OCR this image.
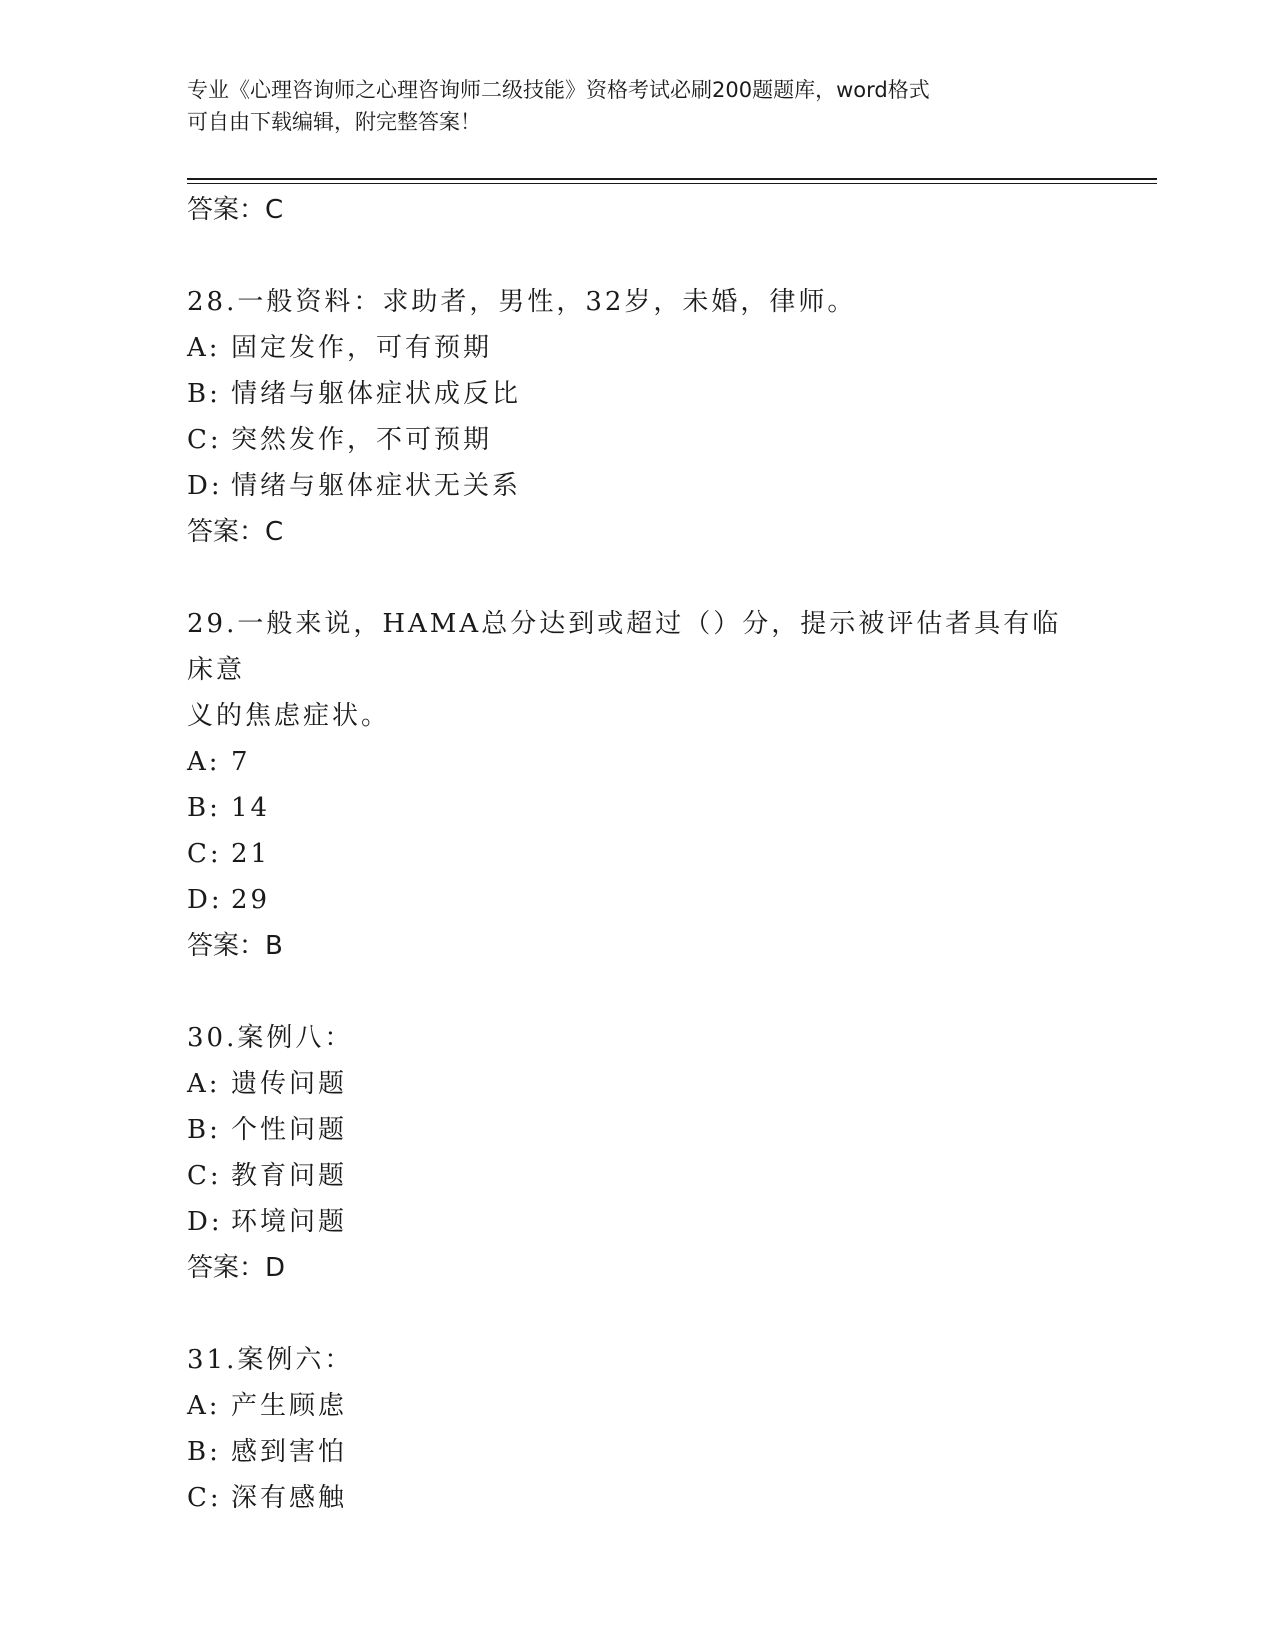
专业《心理咨询师之心理咨询师二级技能》资格考试必刷200题题库，word格式
可自由下载编辑，附完整答案！
答案：C
28.一般资料：求助者，男性，32岁，未婚，律师。
A: 固定发作，可有预期
B: 情绪与躯体症状成反比
C: 突然发作，不可预期
D: 情绪与躯体症状无关系
答案：C
29.一般来说，HAMA总分达到或超过（）分，提示被评估者具有临床意
义的焦虑症状。
A: 7
B: 14
C: 21
D: 29
答案：B
30.案例八：
A: 遗传问题
B: 个性问题
C: 教育问题
D: 环境问题
答案：D
31.案例六：
A: 产生顾虑
B: 感到害怕
C: 深有感触
